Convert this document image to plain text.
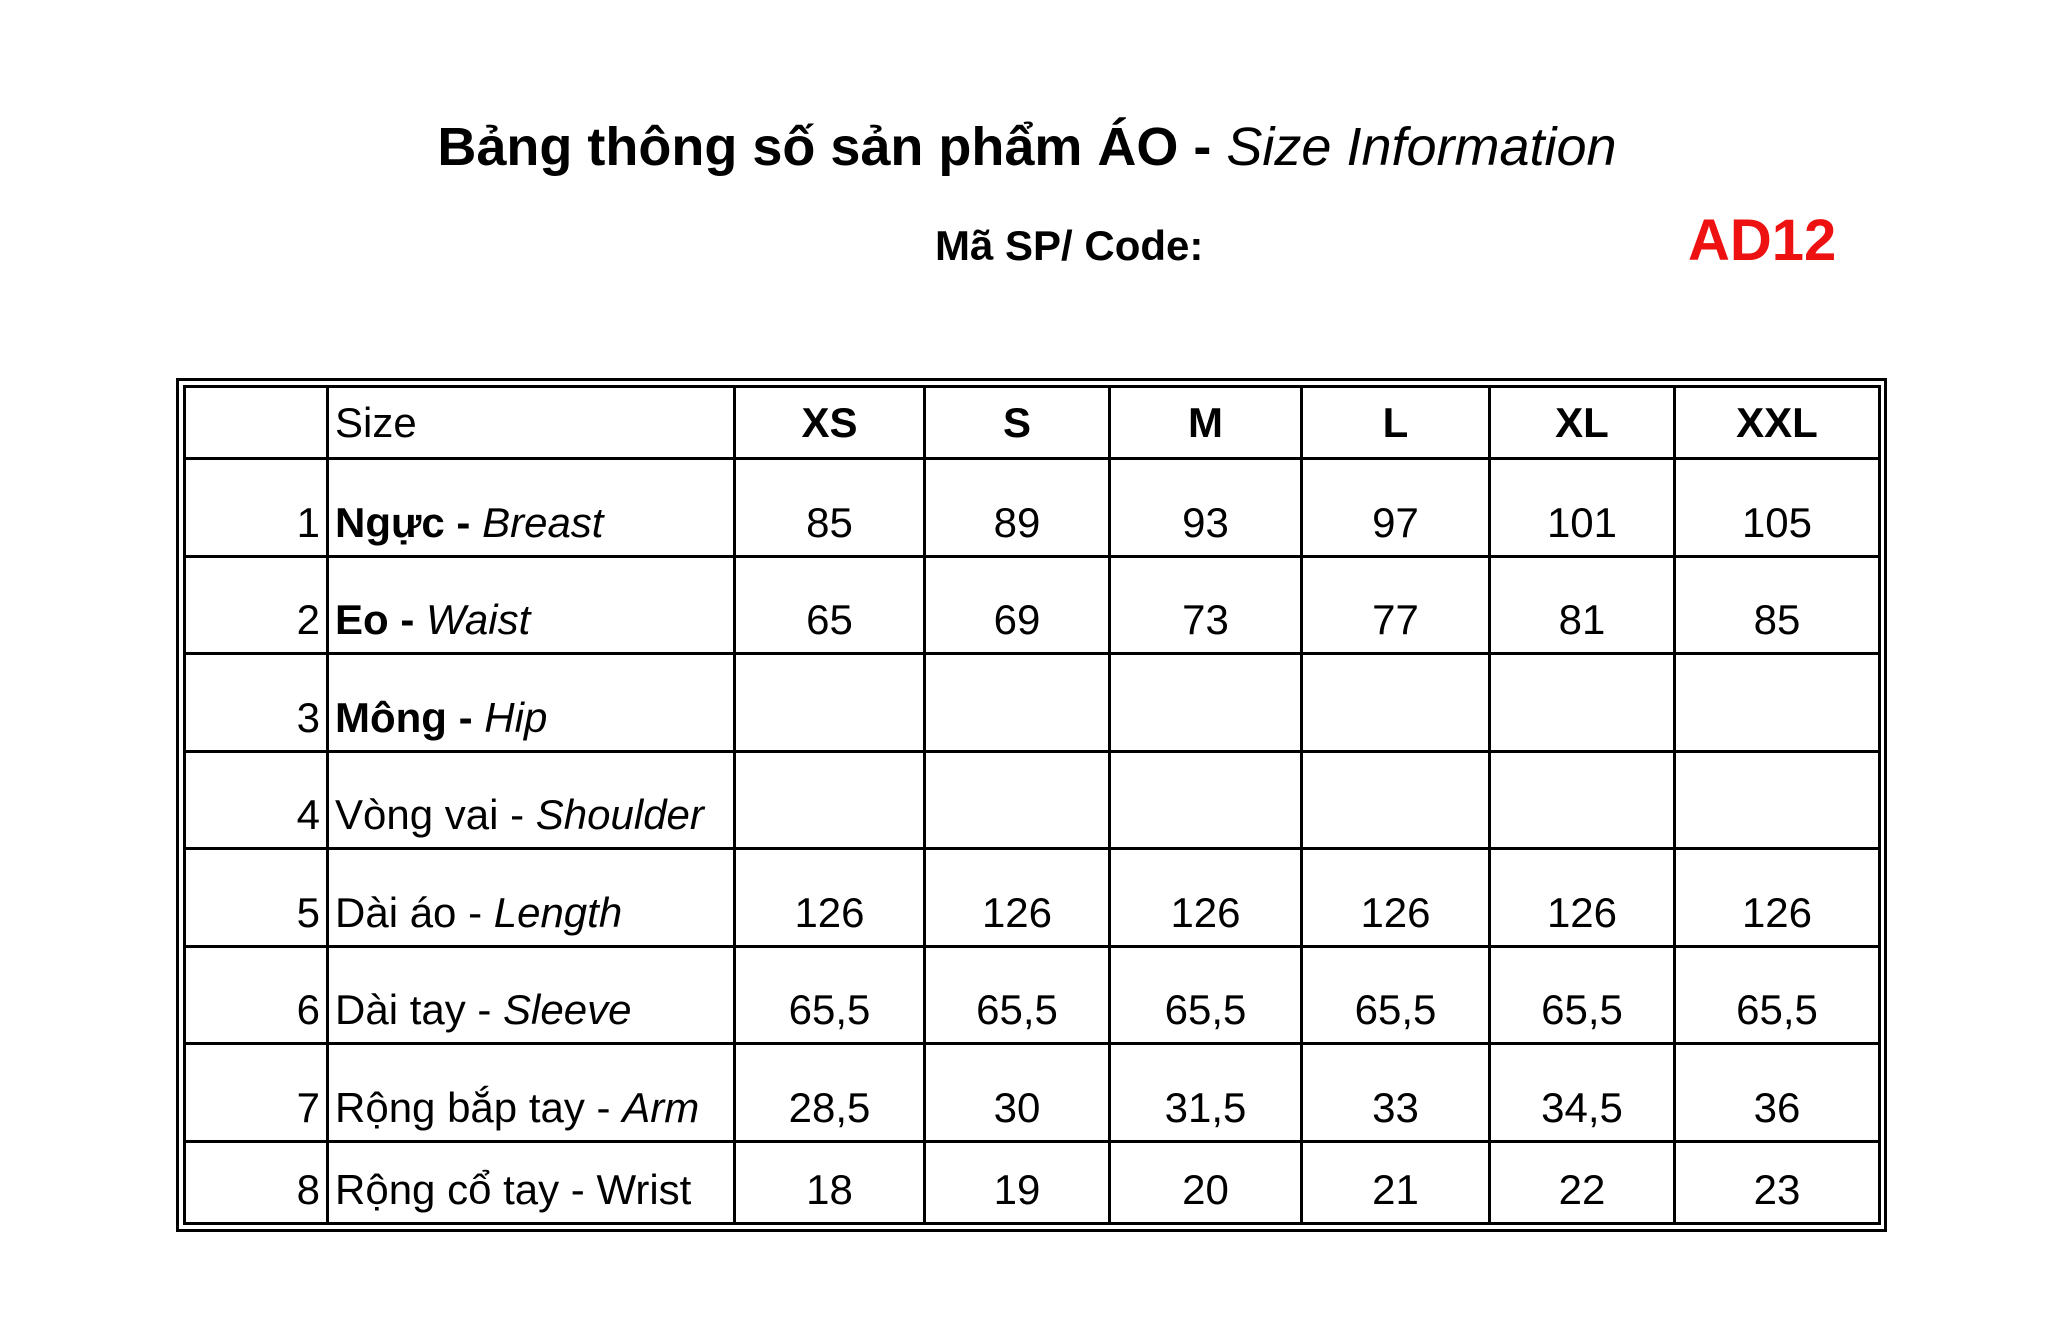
Bảng thông số sản phẩm ÁO - Size Information
Mã SP/ Code:	AD12
	Size	XS	S	M	L	XL	XXL
1	Ngực - Breast	85	89	93	97	101	105
2	Eo - Waist	65	69	73	77	81	85
3	Mông - Hip						
4	Vòng vai - Shoulder						
5	Dài áo - Length	126	126	126	126	126	126
6	Dài tay - Sleeve	65,5	65,5	65,5	65,5	65,5	65,5
7	Rộng bắp tay - Arm	28,5	30	31,5	33	34,5	36
8	Rộng cổ tay - Wrist	18	19	20	21	22	23
